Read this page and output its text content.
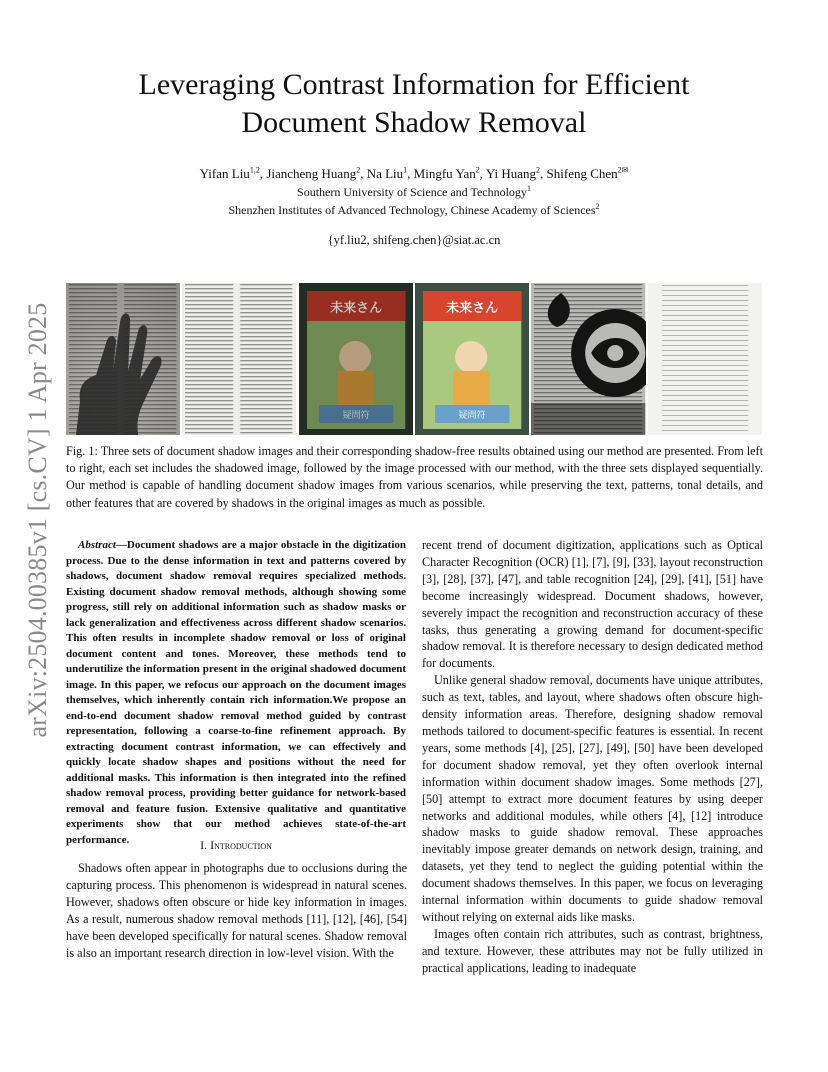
arXiv:2504.00385v1 [cs.CV] 1 Apr 2025
Leveraging Contrast Information for Efficient
Document Shadow Removal
Yifan Liu$^{1,2}$, Jiancheng Huang$^2$, Na Liu$^1$, Mingfu Yan$^2$, Yi Huang$^2$, Shifeng Chen$^{2✉}$
Southern University of Science and Technology$^1$
Shenzhen Institutes of Advanced Technology, Chinese Academy of Sciences$^2$
{yf.liu2, shifeng.chen}@siat.ac.cn
未来さん
疑問符
未来さん
疑問符
Fig. 1: Three sets of document shadow images and their corresponding shadow-free results obtained using our method are presented. From left to right, each set includes the shadowed image, followed by the image processed with our method, with the three sets displayed sequentially. Our method is capable of handling document shadow images from various scenarios, while preserving the text, patterns, tonal details, and other features that are covered by shadows in the original images as much as possible.

Abstract—Document shadows are a major obstacle in the digitization process. Due to the dense information in text and patterns covered by shadows, document shadow removal requires specialized methods. Existing document shadow removal methods, although showing some progress, still rely on additional information such as shadow masks or lack generalization and effectiveness across different shadow scenarios. This often results in incomplete shadow removal or loss of original document content and tones. Moreover, these methods tend to underutilize the information present in the original shadowed document image. In this paper, we refocus our approach on the document images themselves, which inherently contain rich information.We propose an end-to-end document shadow removal method guided by contrast representation, following a coarse-to-fine refinement approach. By extracting document contrast information, we can effectively and quickly locate shadow shapes and positions without the need for additional masks. This information is then integrated into the refined shadow removal process, providing better guidance for network-based removal and feature fusion. Extensive qualitative and quantitative experiments show that our method achieves state-of-the-art performance.	I. Introduction

Shadows often appear in photographs due to occlusions during the capturing process. This phenomenon is widespread in natural scenes. However, shadows often obscure or hide key information in images. As a result, numerous shadow removal methods [11], [12], [46], [54] have been developed specifically for natural scenes. Shadow removal is also an important research direction in low-level vision. With the

recent trend of document digitization, applications such as Optical Character Recognition (OCR) [1], [7], [9], [33], layout reconstruction [3], [28], [37], [47], and table recognition [24], [29], [41], [51] have become increasingly widespread. Document shadows, however, severely impact the recognition and reconstruction accuracy of these tasks, thus generating a growing demand for document-specific shadow removal. It is therefore necessary to design dedicated method for documents.

Unlike general shadow removal, documents have unique attributes, such as text, tables, and layout, where shadows often obscure high-density information areas. Therefore, designing shadow removal methods tailored to document-specific features is essential. In recent years, some methods [4], [25], [27], [49], [50] have been developed for document shadow removal, yet they often overlook internal information within document shadow images. Some methods [27], [50] attempt to extract more document features by using deeper networks and additional modules, while others [4], [12] introduce shadow masks to guide shadow removal. These approaches inevitably impose greater demands on network design, training, and datasets, yet they tend to neglect the guiding potential within the document shadows themselves. In this paper, we focus on leveraging internal information within documents to guide shadow removal without relying on external aids like masks.

Images often contain rich attributes, such as contrast, brightness, and texture. However, these attributes may not be fully utilized in practical applications, leading to inadequate
